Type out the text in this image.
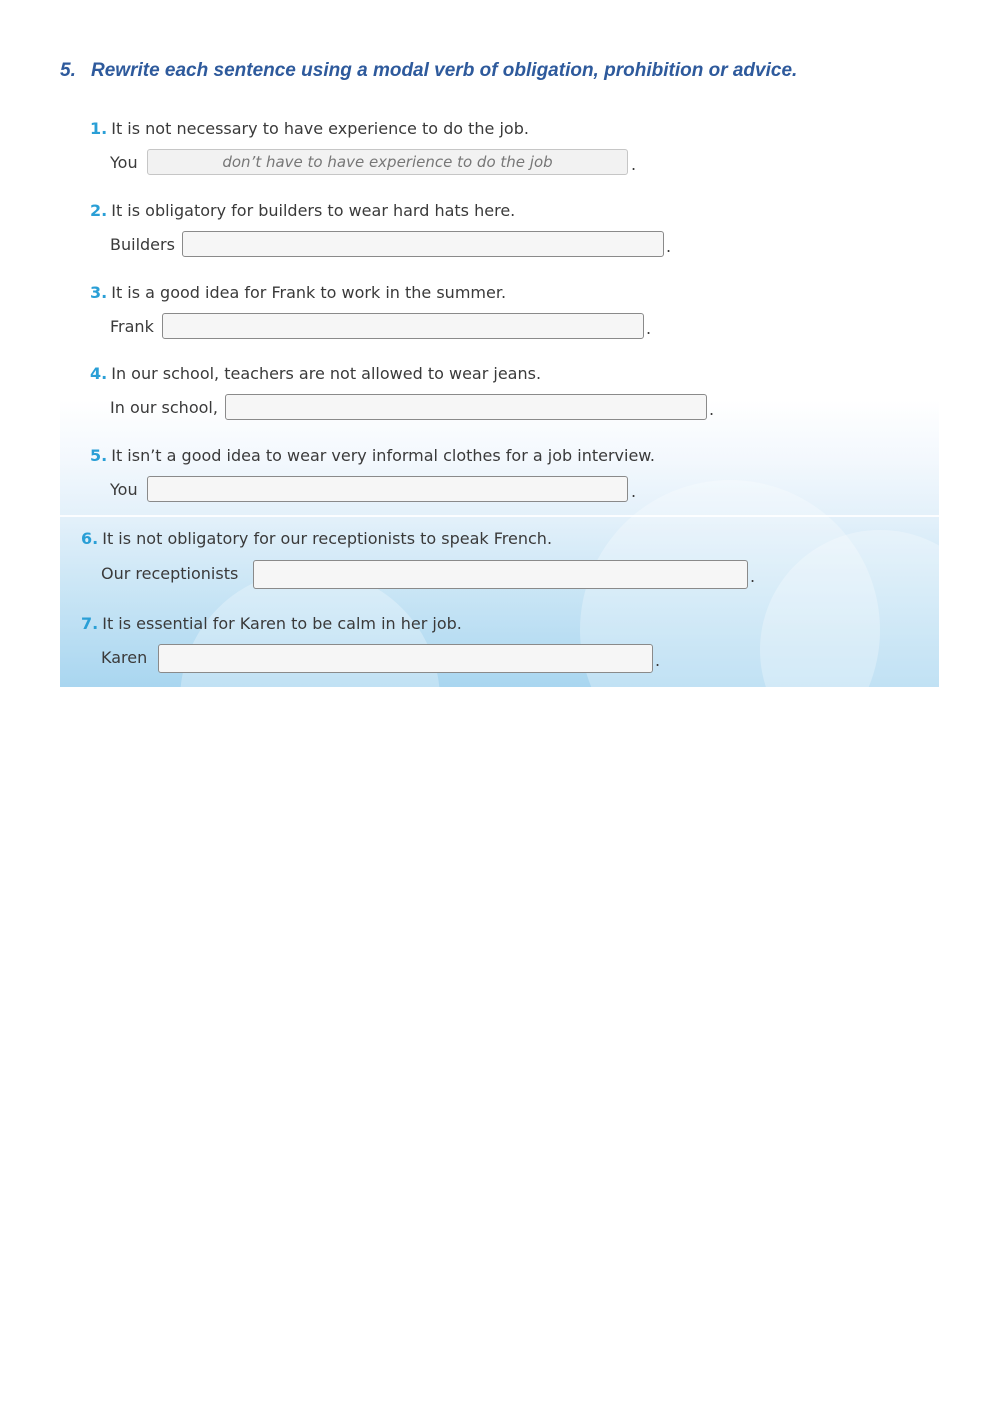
5. Rewrite each sentence using a modal verb of obligation, prohibition or advice.
1. It is not necessary to have experience to do the job.
You	don’t have to have experience to do the job	.
2. It is obligatory for builders to wear hard hats here.
Builders	.
3. It is a good idea for Frank to work in the summer.
Frank	.
4. In our school, teachers are not allowed to wear jeans.
In our school,	.
5. It isn’t a good idea to wear very informal clothes for a job interview.
You	.
6. It is not obligatory for our receptionists to speak French.
Our receptionists	.
7. It is essential for Karen to be calm in her job.
Karen	.
